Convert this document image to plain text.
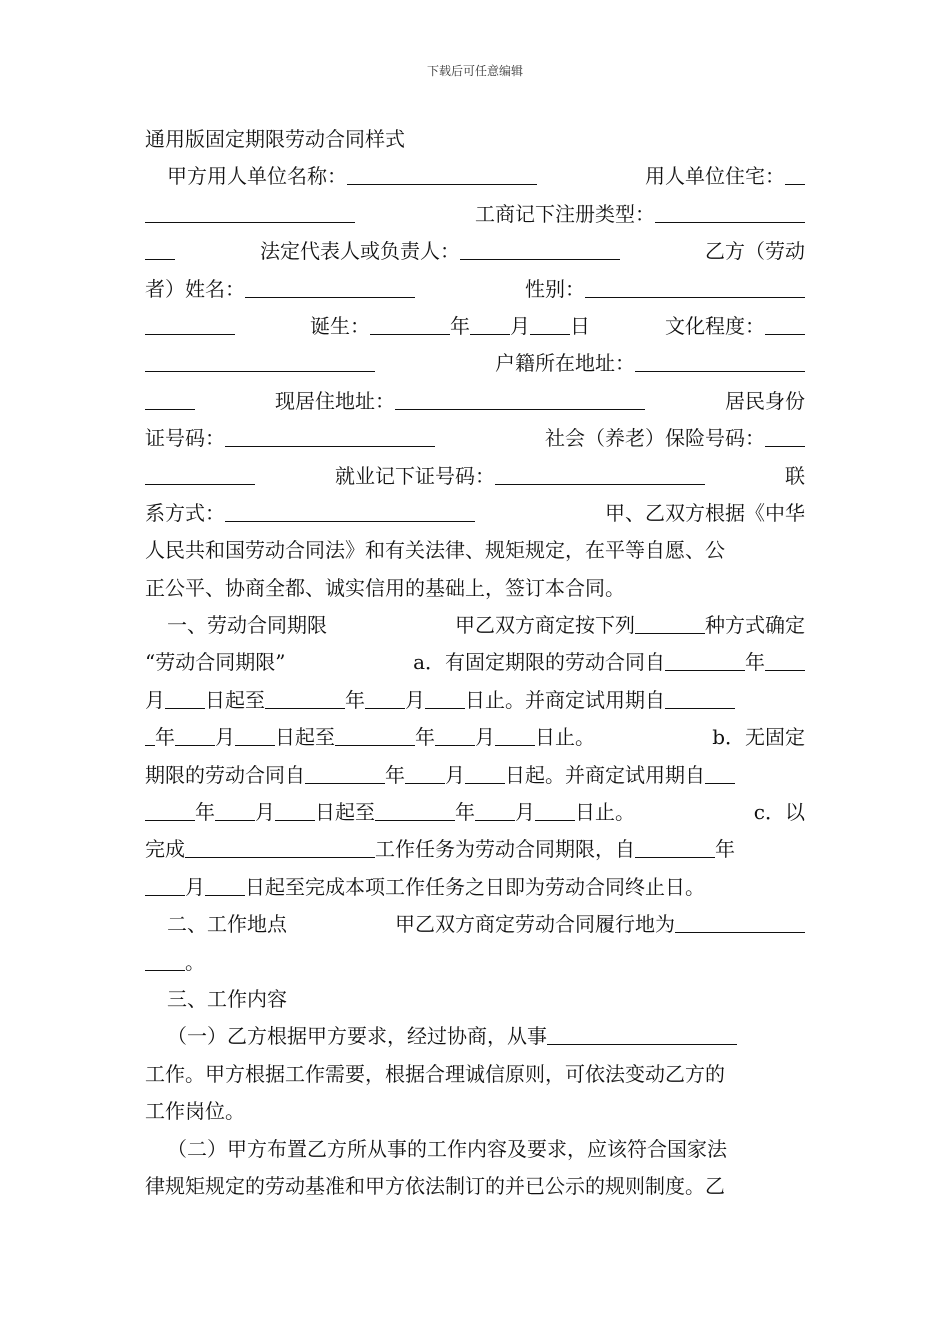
下载后可任意编辑
通用版固定期限劳动合同样式
甲方用人单位名称：	用人单位住宅：
工商记下注册类型：
法定代表人或负责人：	乙方（劳动
者）姓名：	性别：
诞生：	年 月 日	文化程度：
户籍所在地址：
现居住地址：	居民身份
证号码：	社会（养老）保险号码：
就业记下证号码：	联
系方式：	甲、乙双方根据《中华
人民共和国劳动合同法》和有关法律、规矩规定，在平等自愿、公
正公平、协商全都、诚实信用的基础上，签订本合同。
一、劳动合同期限	甲乙双方商定按下列	种方式确定
“劳动合同期限”	a．有固定期限的劳动合同自	年
月 日起至	年 月 日止。并商定试用期自
年 月 日起至	年 月 日止。	b．无固定
期限的劳动合同自	年 月 日起。并商定试用期自
年 月 日起至	年 月 日止。	c．以
完成	工作任务为劳动合同期限，自	年
月 日起至完成本项工作任务之日即为劳动合同终止日。
二、工作地点	甲乙双方商定劳动合同履行地为
。
三、工作内容
（一）乙方根据甲方要求，经过协商，从事
工作。甲方根据工作需要，根据合理诚信原则，可依法变动乙方的
工作岗位。
（二）甲方布置乙方所从事的工作内容及要求，应该符合国家法
律规矩规定的劳动基准和甲方依法制订的并已公示的规则制度。乙
